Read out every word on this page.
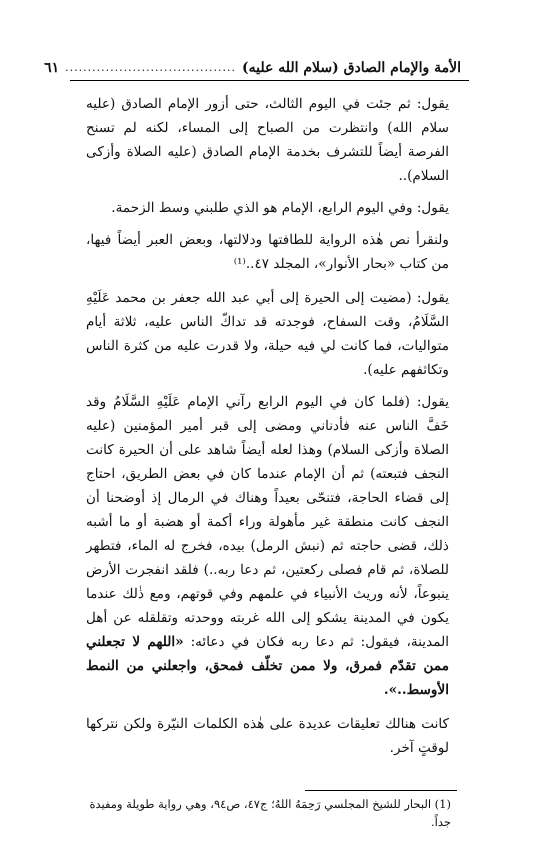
الأمة والإمام الصادق (سلام الله عليه)
......................................
٦١

يقول: ثم جئت في اليوم الثالث، حتى أزور الإمام الصادق (عليه سلام الله) وانتظرت من الصباح إلى المساء، لكنه لم تسنح الفرصة أيضاً للتشرف بخدمة الإمام الصادق (عليه الصلاة وأزكى السلام)..

يقول: وفي اليوم الرابع، الإمام هو الذي طلبني وسط الزحمة.

ولنقرأ نص هٰذه الرواية للطافتها ودلالتها، وبعض العبر أيضاً فيها، من كتاب «بحار الأنوار»، المجلد ٤٧..⁽¹⁾

يقول: (مضيت إلى الحيرة إلى أبي عبد الله جعفر بن محمد عَلَيْهِ السَّلَامُ، وقت السفاح، فوجدته قد تداكّ الناس عليه، ثلاثة أيام متواليات، فما كانت لي فيه حيلة، ولا قدرت عليه من كثرة الناس وتكاثفهم عليه).

يقول: (فلما كان في اليوم الرابع رآني الإمام عَلَيْهِ السَّلَامُ وقد خَفَّ الناس عنه فأدناني ومضى إلى قبر أمير المؤمنين (عليه الصلاة وأزكى السلام) وهذا لعله أيضاً شاهد على أن الحيرة كانت النجف فتبعته) ثم أن الإمام عندما كان في بعض الطريق، احتاج إلى قضاء الحاجة، فتنحّى بعيداً وهناك في الرمال إذ أوضحنا أن النجف كانت منطقة غير مأهولة وراء أكمة أو هضبة أو ما أشبه ذلك، قضى حاجته ثم (نبش الرمل) بيده، فخرج له الماء، فتطهر للصلاة، ثم قام فصلى ركعتين، ثم دعا ربه..) فلقد انفجرت الأرض ينبوعاً، لأنه وريث الأنبياء في علمهم وفي قوتهم، ومع ذٰلك عندما يكون في المدينة يشكو إلى الله غربته ووحدته وتقلقله عن أهل المدينة، فيقول: ثم دعا ربه فكان في دعائه: «اللهم لا تجعلني ممن تقدّم فمرق، ولا ممن تخلّف فمحق، واجعلني من النمط الأوسط..».

كانت هنالك تعليقات عديدة على هٰذه الكلمات النيّرة ولكن نتركها لوقتٍ آخر.

(1) البحار للشيخ المجلسي رَحِمَهُ اللهُ؛ ج٤٧، ص٩٤، وهي رواية طويلة ومفيدة جداً.
